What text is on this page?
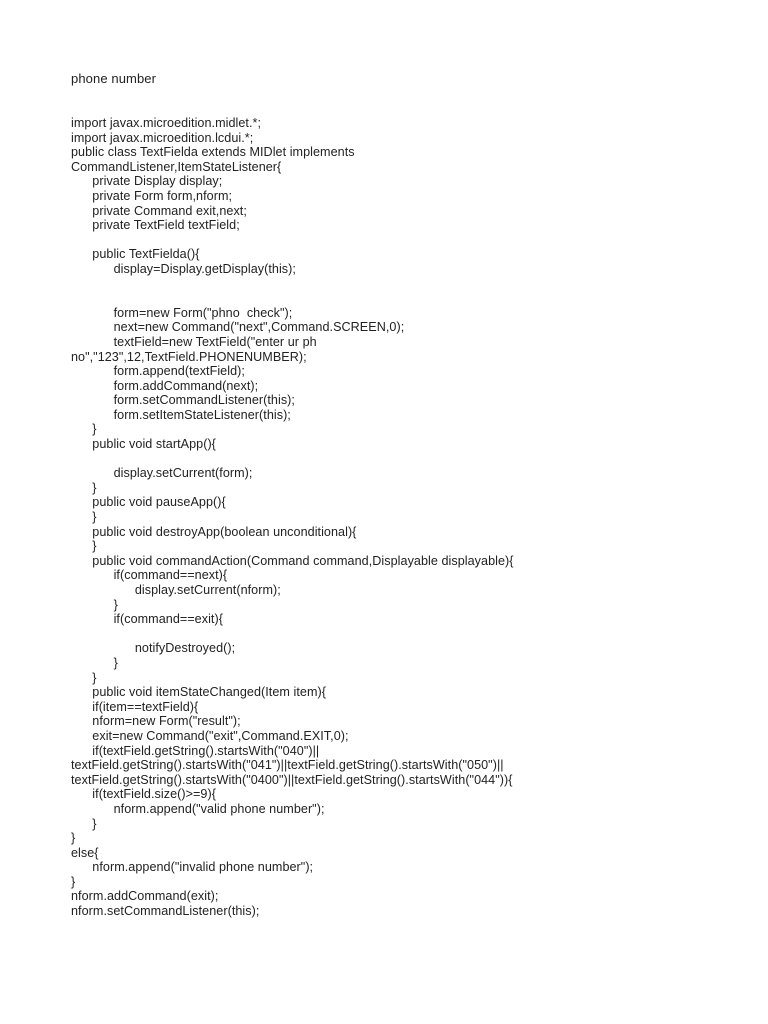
phone number
import javax.microedition.midlet.*;
import javax.microedition.lcdui.*;
public class TextFielda extends MIDlet implements
CommandListener,ItemStateListener{
private Display display;
private Form form,nform;
private Command exit,next;
private TextField textField;
public TextFielda(){
display=Display.getDisplay(this);
form=new Form("phno  check");
next=new Command("next",Command.SCREEN,0);
textField=new TextField("enter ur ph
no","123",12,TextField.PHONENUMBER);
form.append(textField);
form.addCommand(next);
form.setCommandListener(this);
form.setItemStateListener(this);
}
public void startApp(){
display.setCurrent(form);
}
public void pauseApp(){
}
public void destroyApp(boolean unconditional){
}
public void commandAction(Command command,Displayable displayable){
if(command==next){
display.setCurrent(nform);
}
if(command==exit){
notifyDestroyed();
}
}
public void itemStateChanged(Item item){
if(item==textField){
nform=new Form("result");
exit=new Command("exit",Command.EXIT,0);
if(textField.getString().startsWith("040")||
textField.getString().startsWith("041")||textField.getString().startsWith("050")||
textField.getString().startsWith("0400")||textField.getString().startsWith("044")){
if(textField.size()>=9){
nform.append("valid phone number");
}
}
else{
nform.append("invalid phone number");
}
nform.addCommand(exit);
nform.setCommandListener(this);
